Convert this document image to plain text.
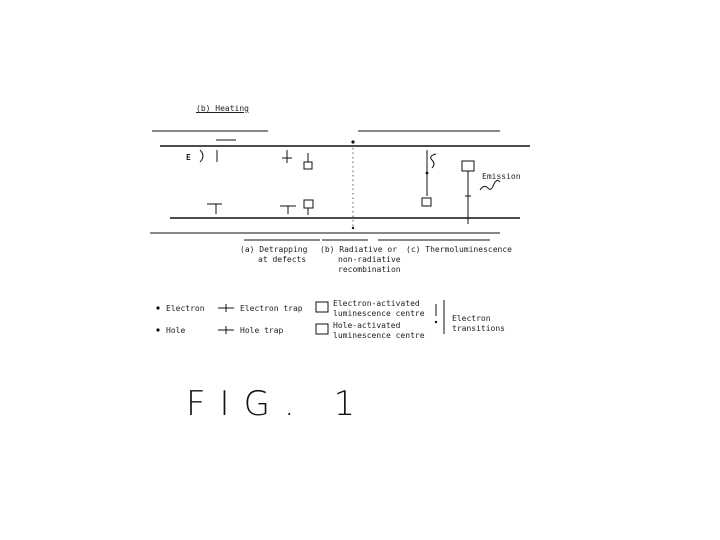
(b) Heating
E
Emission
(a) Detrapping
at defects
(b) Radiative or
non-radiative
recombination
(c) Thermoluminescence
Electron
Hole
Electron trap
Hole trap
Electron-activated
luminescence centre
Hole-activated
luminescence centre
Electron
transitions
FIG. 1
